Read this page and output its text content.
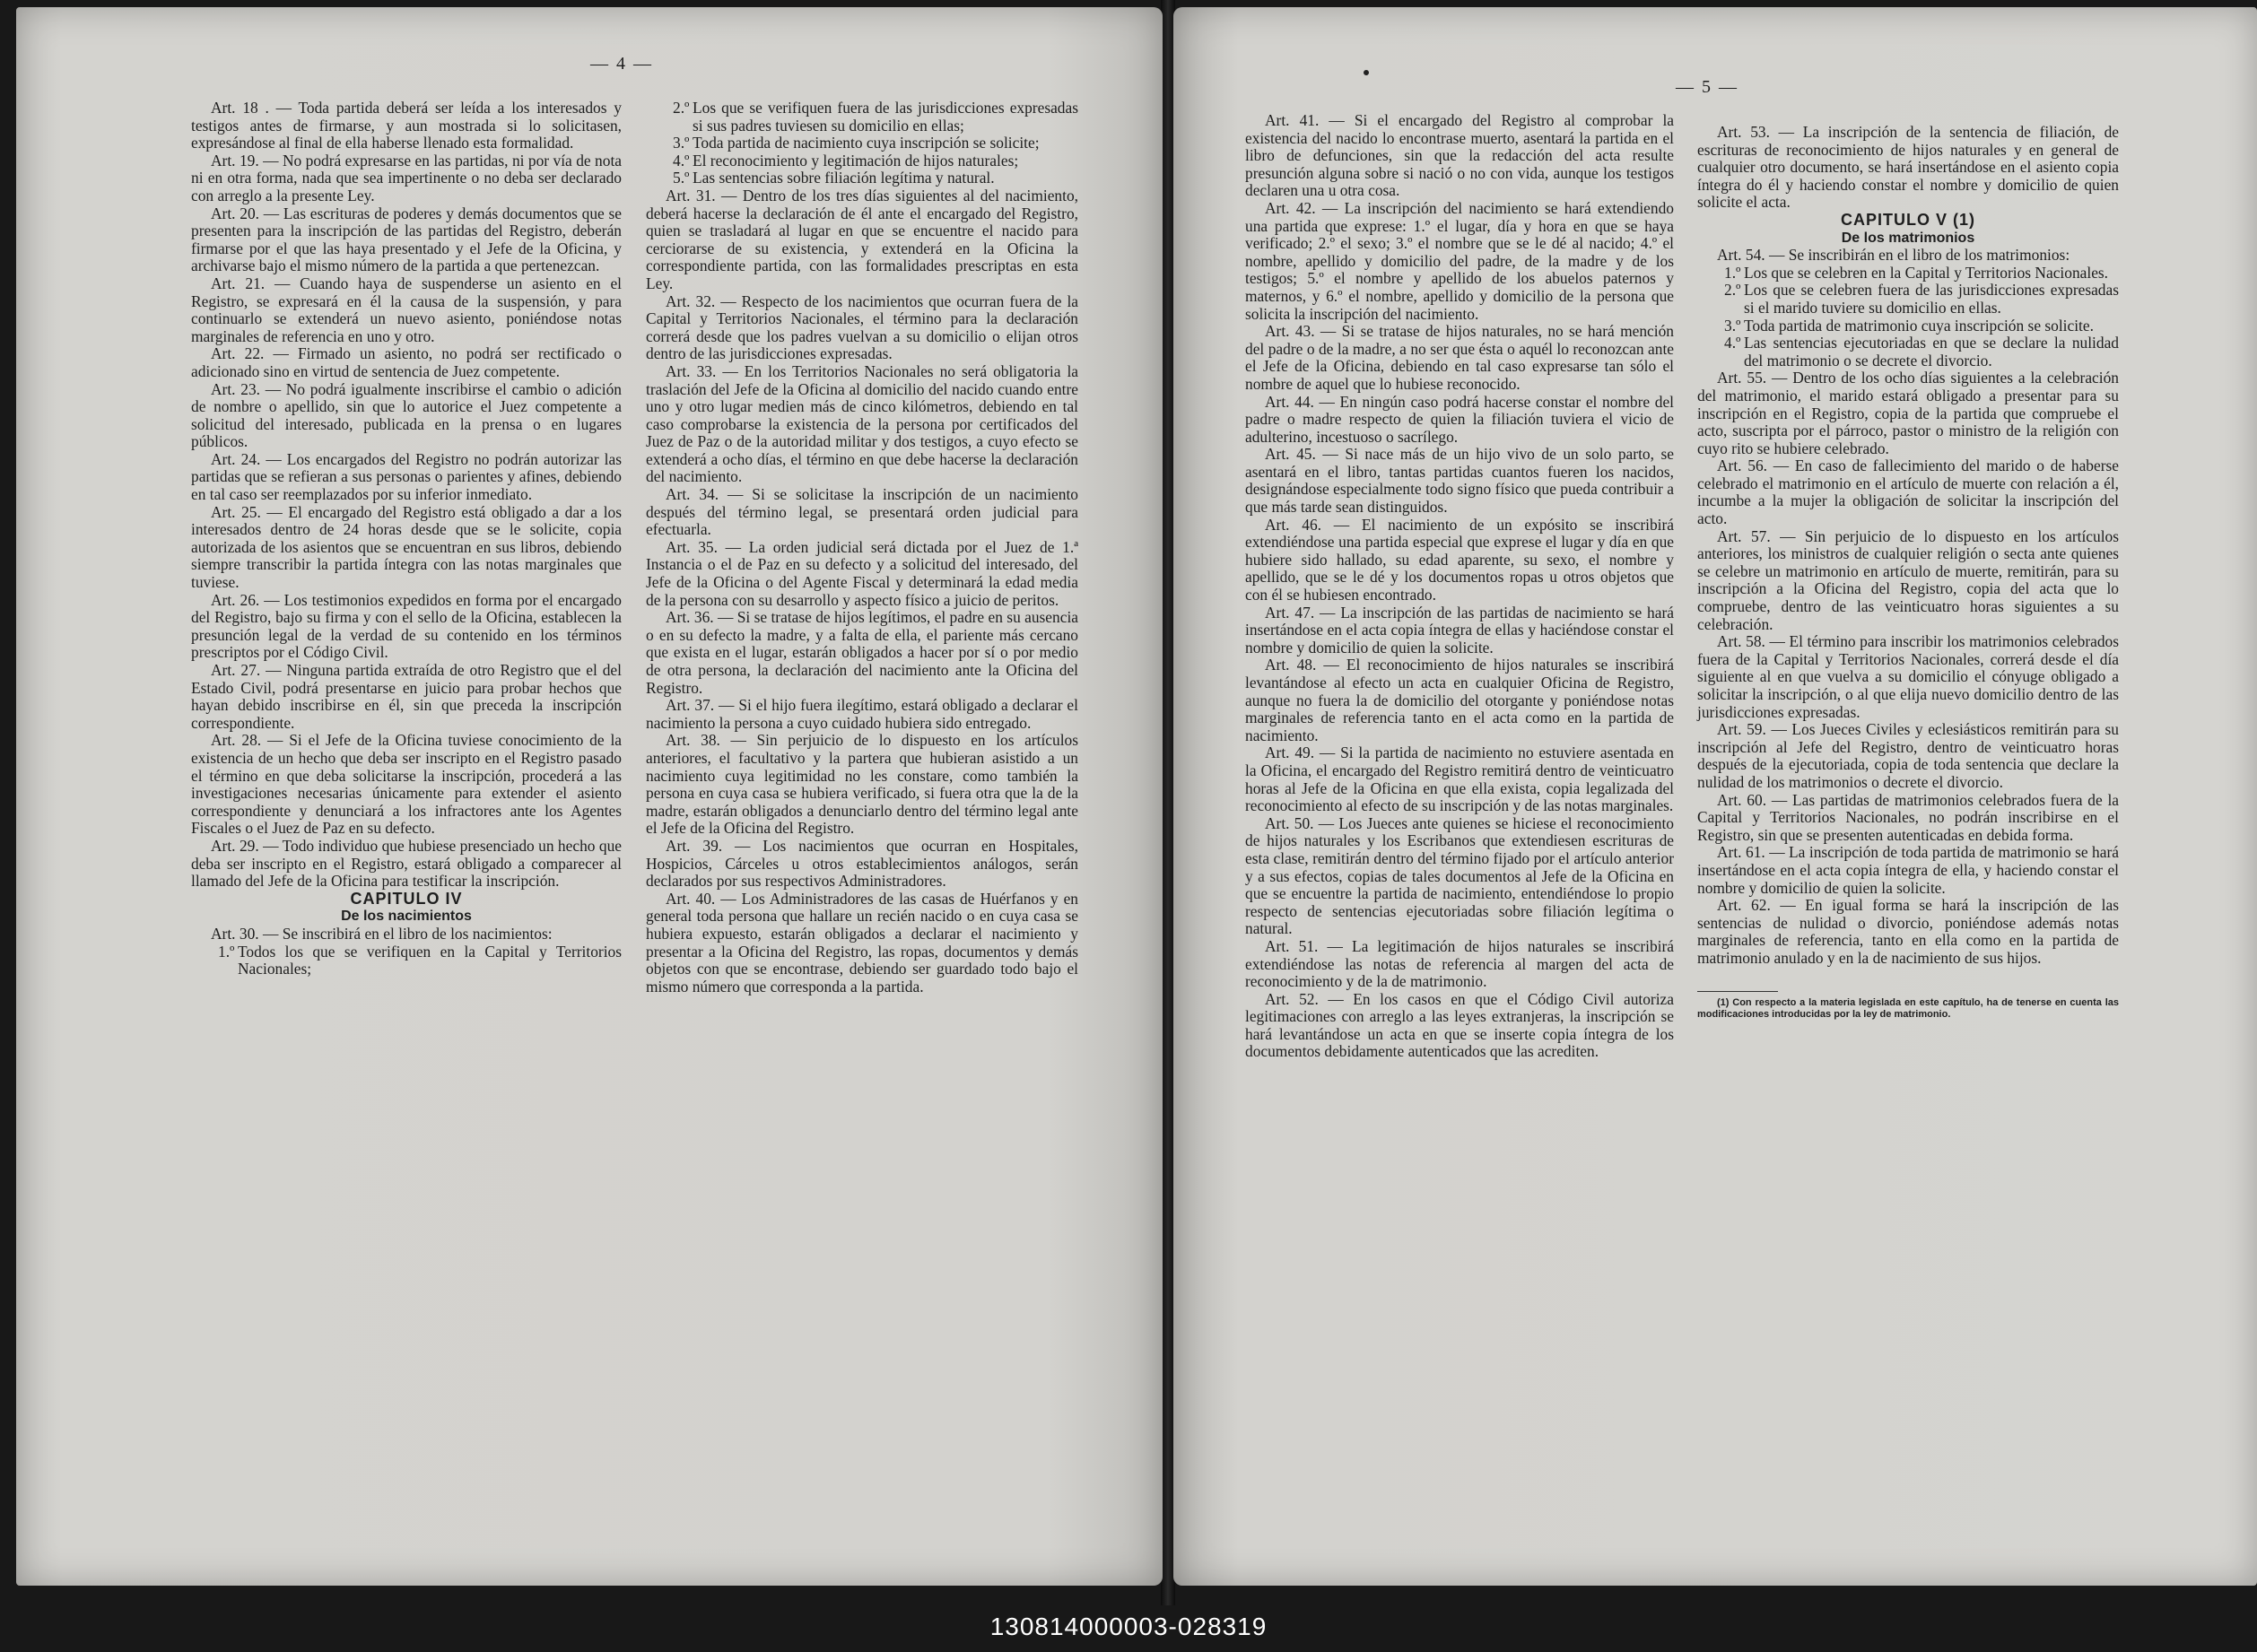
— 4 —

Art. 18 . — Toda partida deberá ser leída a los interesados y testigos antes de firmarse, y aun mostrada si lo solicitasen, expresándose al final de ella haberse llenado esta formalidad.

Art. 19. — No podrá expresarse en las partidas, ni por vía de nota ni en otra forma, nada que sea impertinente o no deba ser declarado con arreglo a la presente Ley.

Art. 20. — Las escrituras de poderes y demás documentos que se presenten para la inscripción de las partidas del Registro, deberán firmarse por el que las haya presentado y el Jefe de la Oficina, y archivarse bajo el mismo número de la partida a que pertenezcan.

Art. 21. — Cuando haya de suspenderse un asiento en el Registro, se expresará en él la causa de la suspensión, y para continuarlo se extenderá un nuevo asiento, poniéndose notas marginales de referencia en uno y otro.

Art. 22. — Firmado un asiento, no podrá ser rectificado o adicionado sino en virtud de sentencia de Juez competente.

Art. 23. — No podrá igualmente inscribirse el cambio o adición de nombre o apellido, sin que lo autorice el Juez competente a solicitud del interesado, publicada en la prensa o en lugares públicos.

Art. 24. — Los encargados del Registro no podrán autorizar las partidas que se refieran a sus personas o parientes y afines, debiendo en tal caso ser reemplazados por su inferior inmediato.

Art. 25. — El encargado del Registro está obligado a dar a los interesados dentro de 24 horas desde que se le solicite, copia autorizada de los asientos que se encuentran en sus libros, debiendo siempre transcribir la partida íntegra con las notas marginales que tuviese.

Art. 26. — Los testimonios expedidos en forma por el encargado del Registro, bajo su firma y con el sello de la Oficina, establecen la presunción legal de la verdad de su contenido en los términos prescriptos por el Código Civil.

Art. 27. — Ninguna partida extraída de otro Registro que el del Estado Civil, podrá presentarse en juicio para probar hechos que hayan debido inscribirse en él, sin que preceda la inscripción correspondiente.

Art. 28. — Si el Jefe de la Oficina tuviese conocimiento de la existencia de un hecho que deba ser inscripto en el Registro pasado el término en que deba solicitarse la inscripción, procederá a las investigaciones necesarias únicamente para extender el asiento correspondiente y denunciará a los infractores ante los Agentes Fiscales o el Juez de Paz en su defecto.

Art. 29. — Todo individuo que hubiese presenciado un hecho que deba ser inscripto en el Registro, estará obligado a comparecer al llamado del Jefe de la Oficina para testificar la inscripción.

CAPITULO IV

De los nacimientos

Art. 30. — Se inscribirá en el libro de los nacimientos:

1.º Todos los que se verifiquen en la Capital y Territorios Nacionales;

2.º Los que se verifiquen fuera de las jurisdicciones expresadas si sus padres tuviesen su domicilio en ellas;

3.º Toda partida de nacimiento cuya inscripción se solicite;

4.º El reconocimiento y legitimación de hijos naturales;

5.º Las sentencias sobre filiación legítima y natural.

Art. 31. — Dentro de los tres días siguientes al del nacimiento, deberá hacerse la declaración de él ante el encargado del Registro, quien se trasladará al lugar en que se encuentre el nacido para cerciorarse de su existencia, y extenderá en la Oficina la correspondiente partida, con las formalidades prescriptas en esta Ley.

Art. 32. — Respecto de los nacimientos que ocurran fuera de la Capital y Territorios Nacionales, el término para la declaración correrá desde que los padres vuelvan a su domicilio o elijan otros dentro de las jurisdicciones expresadas.

Art. 33. — En los Territorios Nacionales no será obligatoria la traslación del Jefe de la Oficina al domicilio del nacido cuando entre uno y otro lugar medien más de cinco kilómetros, debiendo en tal caso comprobarse la existencia de la persona por certificados del Juez de Paz o de la autoridad militar y dos testigos, a cuyo efecto se extenderá a ocho días, el término en que debe hacerse la declaración del nacimiento.

Art. 34. — Si se solicitase la inscripción de un nacimiento después del término legal, se presentará orden judicial para efectuarla.

Art. 35. — La orden judicial será dictada por el Juez de 1.ª Instancia o el de Paz en su defecto y a solicitud del interesado, del Jefe de la Oficina o del Agente Fiscal y determinará la edad media de la persona con su desarrollo y aspecto físico a juicio de peritos.

Art. 36. — Si se tratase de hijos legítimos, el padre en su ausencia o en su defecto la madre, y a falta de ella, el pariente más cercano que exista en el lugar, estarán obligados a hacer por sí o por medio de otra persona, la declaración del nacimiento ante la Oficina del Registro.

Art. 37. — Si el hijo fuera ilegítimo, estará obligado a declarar el nacimiento la persona a cuyo cuidado hubiera sido entregado.

Art. 38. — Sin perjuicio de lo dispuesto en los artículos anteriores, el facultativo y la partera que hubieran asistido a un nacimiento cuya legitimidad no les constare, como también la persona en cuya casa se hubiera verificado, si fuera otra que la de la madre, estarán obligados a denunciarlo dentro del término legal ante el Jefe de la Oficina del Registro.

Art. 39. — Los nacimientos que ocurran en Hospitales, Hospicios, Cárceles u otros establecimientos análogos, serán declarados por sus respectivos Administradores.

Art. 40. — Los Administradores de las casas de Huérfanos y en general toda persona que hallare un recién nacido o en cuya casa se hubiera expuesto, estarán obligados a declarar el nacimiento y presentar a la Oficina del Registro, las ropas, documentos y demás objetos con que se encontrase, debiendo ser guardado todo bajo el mismo número que corresponda a la partida.

— 5 —

Art. 41. — Si el encargado del Registro al comprobar la existencia del nacido lo encontrase muerto, asentará la partida en el libro de defunciones, sin que la redacción del acta resulte presunción alguna sobre si nació o no con vida, aunque los testigos declaren una u otra cosa.

Art. 42. — La inscripción del nacimiento se hará extendiendo una partida que exprese: 1.º el lugar, día y hora en que se haya verificado; 2.º el sexo; 3.º el nombre que se le dé al nacido; 4.º el nombre, apellido y domicilio del padre, de la madre y de los testigos; 5.º el nombre y apellido de los abuelos paternos y maternos, y 6.º el nombre, apellido y domicilio de la persona que solicita la inscripción del nacimiento.

Art. 43. — Si se tratase de hijos naturales, no se hará mención del padre o de la madre, a no ser que ésta o aquél lo reconozcan ante el Jefe de la Oficina, debiendo en tal caso expresarse tan sólo el nombre de aquel que lo hubiese reconocido.

Art. 44. — En ningún caso podrá hacerse constar el nombre del padre o madre respecto de quien la filiación tuviera el vicio de adulterino, incestuoso o sacrílego.

Art. 45. — Si nace más de un hijo vivo de un solo parto, se asentará en el libro, tantas partidas cuantos fueren los nacidos, designándose especialmente todo signo físico que pueda contribuir a que más tarde sean distinguidos.

Art. 46. — El nacimiento de un expósito se inscribirá extendiéndose una partida especial que exprese el lugar y día en que hubiere sido hallado, su edad aparente, su sexo, el nombre y apellido, que se le dé y los documentos ropas u otros objetos que con él se hubiesen encontrado.

Art. 47. — La inscripción de las partidas de nacimiento se hará insertándose en el acta copia íntegra de ellas y haciéndose constar el nombre y domicilio de quien la solicite.

Art. 48. — El reconocimiento de hijos naturales se inscribirá levantándose al efecto un acta en cualquier Oficina de Registro, aunque no fuera la de domicilio del otorgante y poniéndose notas marginales de referencia tanto en el acta como en la partida de nacimiento.

Art. 49. — Si la partida de nacimiento no estuviere asentada en la Oficina, el encargado del Registro remitirá dentro de veinticuatro horas al Jefe de la Oficina en que ella exista, copia legalizada del reconocimiento al efecto de su inscripción y de las notas marginales.

Art. 50. — Los Jueces ante quienes se hiciese el reconocimiento de hijos naturales y los Escribanos que extendiesen escrituras de esta clase, remitirán dentro del término fijado por el artículo anterior y a sus efectos, copias de tales documentos al Jefe de la Oficina en que se encuentre la partida de nacimiento, entendiéndose lo propio respecto de sentencias ejecutoriadas sobre filiación legítima o natural.

Art. 51. — La legitimación de hijos naturales se inscribirá extendiéndose las notas de referencia al margen del acta de reconocimiento y de la de matrimonio.

Art. 52. — En los casos en que el Código Civil autoriza legitimaciones con arreglo a las leyes extranjeras, la inscripción se hará levantándose un acta en que se inserte copia íntegra de los documentos debidamente autenticados que las acrediten.

Art. 53. — La inscripción de la sentencia de filiación, de escrituras de reconocimiento de hijos naturales y en general de cualquier otro documento, se hará insertándose en el asiento copia íntegra do él y haciendo constar el nombre y domicilio de quien solicite el acta.

CAPITULO V (1)

De los matrimonios

Art. 54. — Se inscribirán en el libro de los matrimonios:

1.º Los que se celebren en la Capital y Territorios Nacionales.

2.º Los que se celebren fuera de las jurisdicciones expresadas si el marido tuviere su domicilio en ellas.

3.º Toda partida de matrimonio cuya inscripción se solicite.

4.º Las sentencias ejecutoriadas en que se declare la nulidad del matrimonio o se decrete el divorcio.

Art. 55. — Dentro de los ocho días siguientes a la celebración del matrimonio, el marido estará obligado a presentar para su inscripción en el Registro, copia de la partida que compruebe el acto, suscripta por el párroco, pastor o ministro de la religión con cuyo rito se hubiere celebrado.

Art. 56. — En caso de fallecimiento del marido o de haberse celebrado el matrimonio en el artículo de muerte con relación a él, incumbe a la mujer la obligación de solicitar la inscripción del acto.

Art. 57. — Sin perjuicio de lo dispuesto en los artículos anteriores, los ministros de cualquier religión o secta ante quienes se celebre un matrimonio en artículo de muerte, remitirán, para su inscripción a la Oficina del Registro, copia del acta que lo compruebe, dentro de las veinticuatro horas siguientes a su celebración.

Art. 58. — El término para inscribir los matrimonios celebrados fuera de la Capital y Territorios Nacionales, correrá desde el día siguiente al en que vuelva a su domicilio el cónyuge obligado a solicitar la inscripción, o al que elija nuevo domicilio dentro de las jurisdicciones expresadas.

Art. 59. — Los Jueces Civiles y eclesiásticos remitirán para su inscripción al Jefe del Registro, dentro de veinticuatro horas después de la ejecutoriada, copia de toda sentencia que declare la nulidad de los matrimonios o decrete el divorcio.

Art. 60. — Las partidas de matrimonios celebrados fuera de la Capital y Territorios Nacionales, no podrán inscribirse en el Registro, sin que se presenten autenticadas en debida forma.

Art. 61. — La inscripción de toda partida de matrimonio se hará insertándose en el acta copia íntegra de ella, y haciendo constar el nombre y domicilio de quien la solicite.

Art. 62. — En igual forma se hará la inscripción de las sentencias de nulidad o divorcio, poniéndose además notas marginales de referencia, tanto en ella como en la partida de matrimonio anulado y en la de nacimiento de sus hijos.

(1) Con respecto a la materia legislada en este capítulo, ha de tenerse en cuenta las modificaciones introducidas por la ley de matrimonio.

130814000003-028319
